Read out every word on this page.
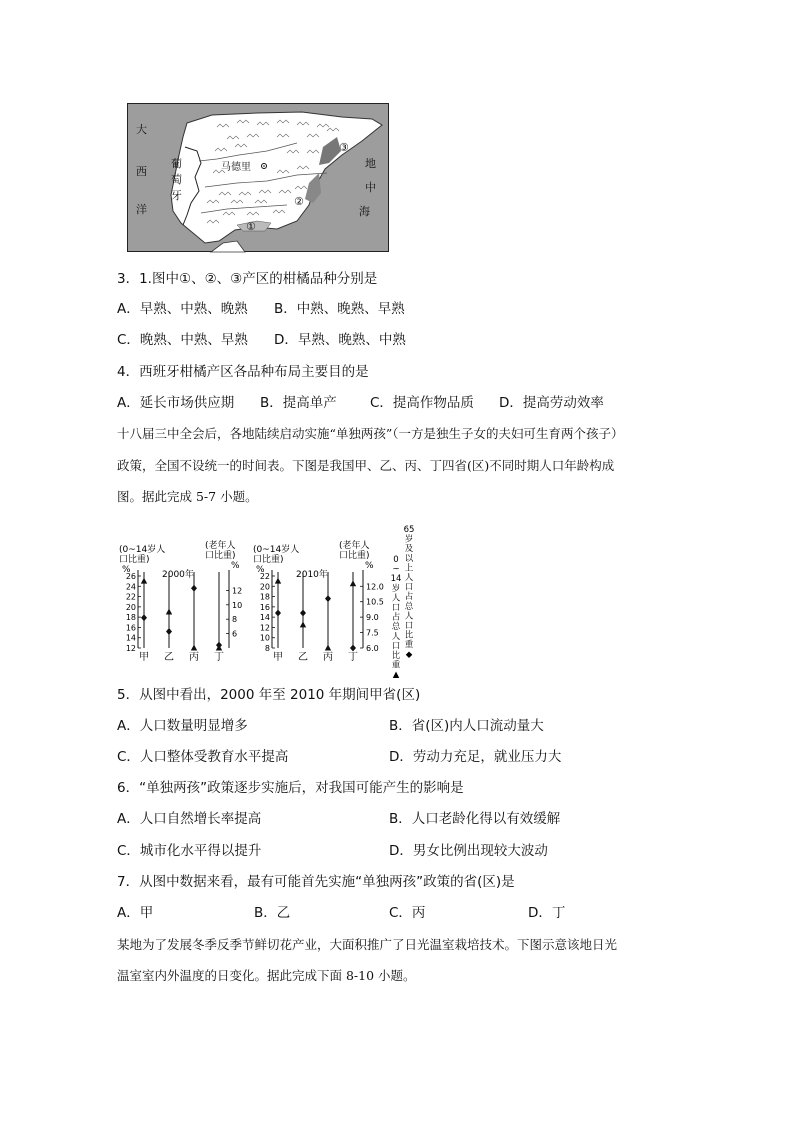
大
西
洋
葡
萄
牙
马德里
③
②
①
地
中
海
3．1.图中①、②、③产区的柑橘品种分别是
A．早熟、中熟、晚熟 B．中熟、晚熟、早熟
C．晚熟、中熟、早熟 D．早熟、晚熟、中熟
4．西班牙柑橘产区各品种布局主要目的是
A．延长市场供应期 B．提高单产 C．提高作物品质 D．提高劳动效率
十八届三中全会后，各地陆续启动实施“单独两孩”（一方是独生子女的夫妇可生育两个孩子）
政策，全国不设统一的时间表。下图是我国甲、乙、丙、丁四省(区)不同时期人口年龄构成
图。据此完成 5-7 小题。
(0~14岁人
口比重)
%
(老年人
口比重)
%
2000年
12
14
16
18
20
22
24
26
6
8
10
12
甲 乙 丙 丁
(0~14岁人
口比重)
%
(老年人
口比重)
%
2010年
8
10
12
14
16
18
20
22
6.0
7.5
9.0
10.5
12.0
甲 乙 丙 丁
0
~
14
岁
人
口
占
总
人
口
比
重
▲
65
岁
及
以
上
人
口
占
总
人
口
比
重
◆
5．从图中看出，2000 年至 2010 年期间甲省(区)
A．人口数量明显增多	B．省(区)内人口流动量大
C．人口整体受教育水平提高	D．劳动力充足，就业压力大
6．“单独两孩”政策逐步实施后，对我国可能产生的影响是
A．人口自然增长率提高	B．人口老龄化得以有效缓解
C．城市化水平得以提升	D．男女比例出现较大波动
7．从图中数据来看，最有可能首先实施“单独两孩”政策的省(区)是
A．甲	B．乙	C．丙	D．丁
某地为了发展冬季反季节鲜切花产业，大面积推广了日光温室栽培技术。下图示意该地日光
温室室内外温度的日变化。据此完成下面 8-10 小题。
